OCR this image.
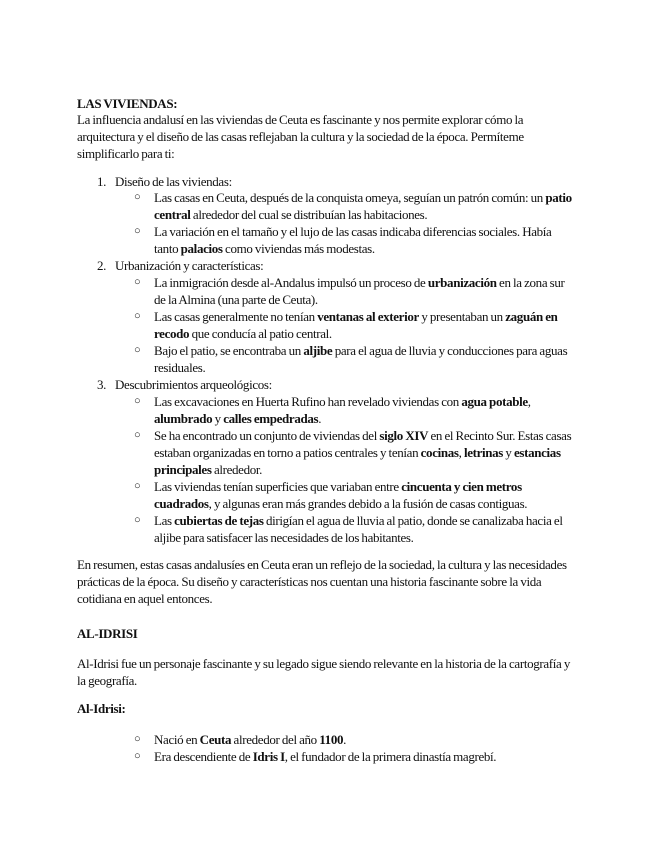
LAS VIVIENDAS:
La influencia andalusí en las viviendas de Ceuta es fascinante y nos permite explorar cómo la arquitectura y el diseño de las casas reflejaban la cultura y la sociedad de la época. Permíteme simplificarlo para ti:
1. Diseño de las viviendas:
○ Las casas en Ceuta, después de la conquista omeya, seguían un patrón común: un patio central alrededor del cual se distribuían las habitaciones.
○ La variación en el tamaño y el lujo de las casas indicaba diferencias sociales. Había tanto palacios como viviendas más modestas.
2. Urbanización y características:
○ La inmigración desde al-Andalus impulsó un proceso de urbanización en la zona sur de la Almina (una parte de Ceuta).
○ Las casas generalmente no tenían ventanas al exterior y presentaban un zaguán en recodo que conducía al patio central.
○ Bajo el patio, se encontraba un aljibe para el agua de lluvia y conducciones para aguas residuales.
3. Descubrimientos arqueológicos:
○ Las excavaciones en Huerta Rufino han revelado viviendas con agua potable, alumbrado y calles empedradas.
○ Se ha encontrado un conjunto de viviendas del siglo XIV en el Recinto Sur. Estas casas estaban organizadas en torno a patios centrales y tenían cocinas, letrinas y estancias principales alrededor.
○ Las viviendas tenían superficies que variaban entre cincuenta y cien metros cuadrados, y algunas eran más grandes debido a la fusión de casas contiguas.
○ Las cubiertas de tejas dirigían el agua de lluvia al patio, donde se canalizaba hacia el aljibe para satisfacer las necesidades de los habitantes.
En resumen, estas casas andalusíes en Ceuta eran un reflejo de la sociedad, la cultura y las necesidades prácticas de la época. Su diseño y características nos cuentan una historia fascinante sobre la vida cotidiana en aquel entonces.
AL-IDRISI
Al-Idrisi fue un personaje fascinante y su legado sigue siendo relevante en la historia de la cartografía y la geografía.
Al-Idrisi:
○ Nació en Ceuta alrededor del año 1100.
○ Era descendiente de Idris I, el fundador de la primera dinastía magrebí.
